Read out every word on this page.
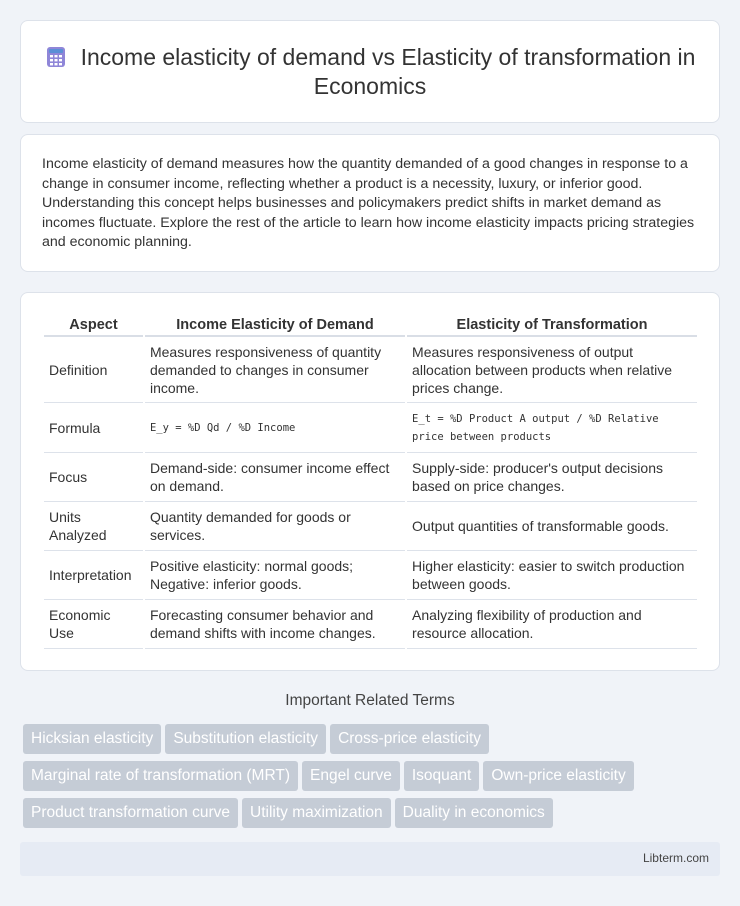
Income elasticity of demand vs Elasticity of transformation in Economics

Income elasticity of demand measures how the quantity demanded of a good changes in response to a change in consumer income, reflecting whether a product is a necessity, luxury, or inferior good. Understanding this concept helps businesses and policymakers predict shifts in market demand as incomes fluctuate. Explore the rest of the article to learn how income elasticity impacts pricing strategies and economic planning.

Aspect	Income Elasticity of Demand	Elasticity of Transformation
Definition	Measures responsiveness of quantity demanded to changes in consumer income.	Measures responsiveness of output allocation between products when relative prices change.
Formula	E_y = %D Qd / %D Income	E_t = %D Product A output / %D Relative price between products
Focus	Demand-side: consumer income effect on demand.	Supply-side: producer's output decisions based on price changes.
Units Analyzed	Quantity demanded for goods or services.	Output quantities of transformable goods.
Interpretation	Positive elasticity: normal goods; Negative: inferior goods.	Higher elasticity: easier to switch production between goods.
Economic Use	Forecasting consumer behavior and demand shifts with income changes.	Analyzing flexibility of production and resource allocation.
Important Related Terms
Hicksian elasticity Substitution elasticity Cross-price elasticity
Marginal rate of transformation (MRT) Engel curve Isoquant Own-price elasticity
Product transformation curve Utility maximization Duality in economics
Libterm.com
